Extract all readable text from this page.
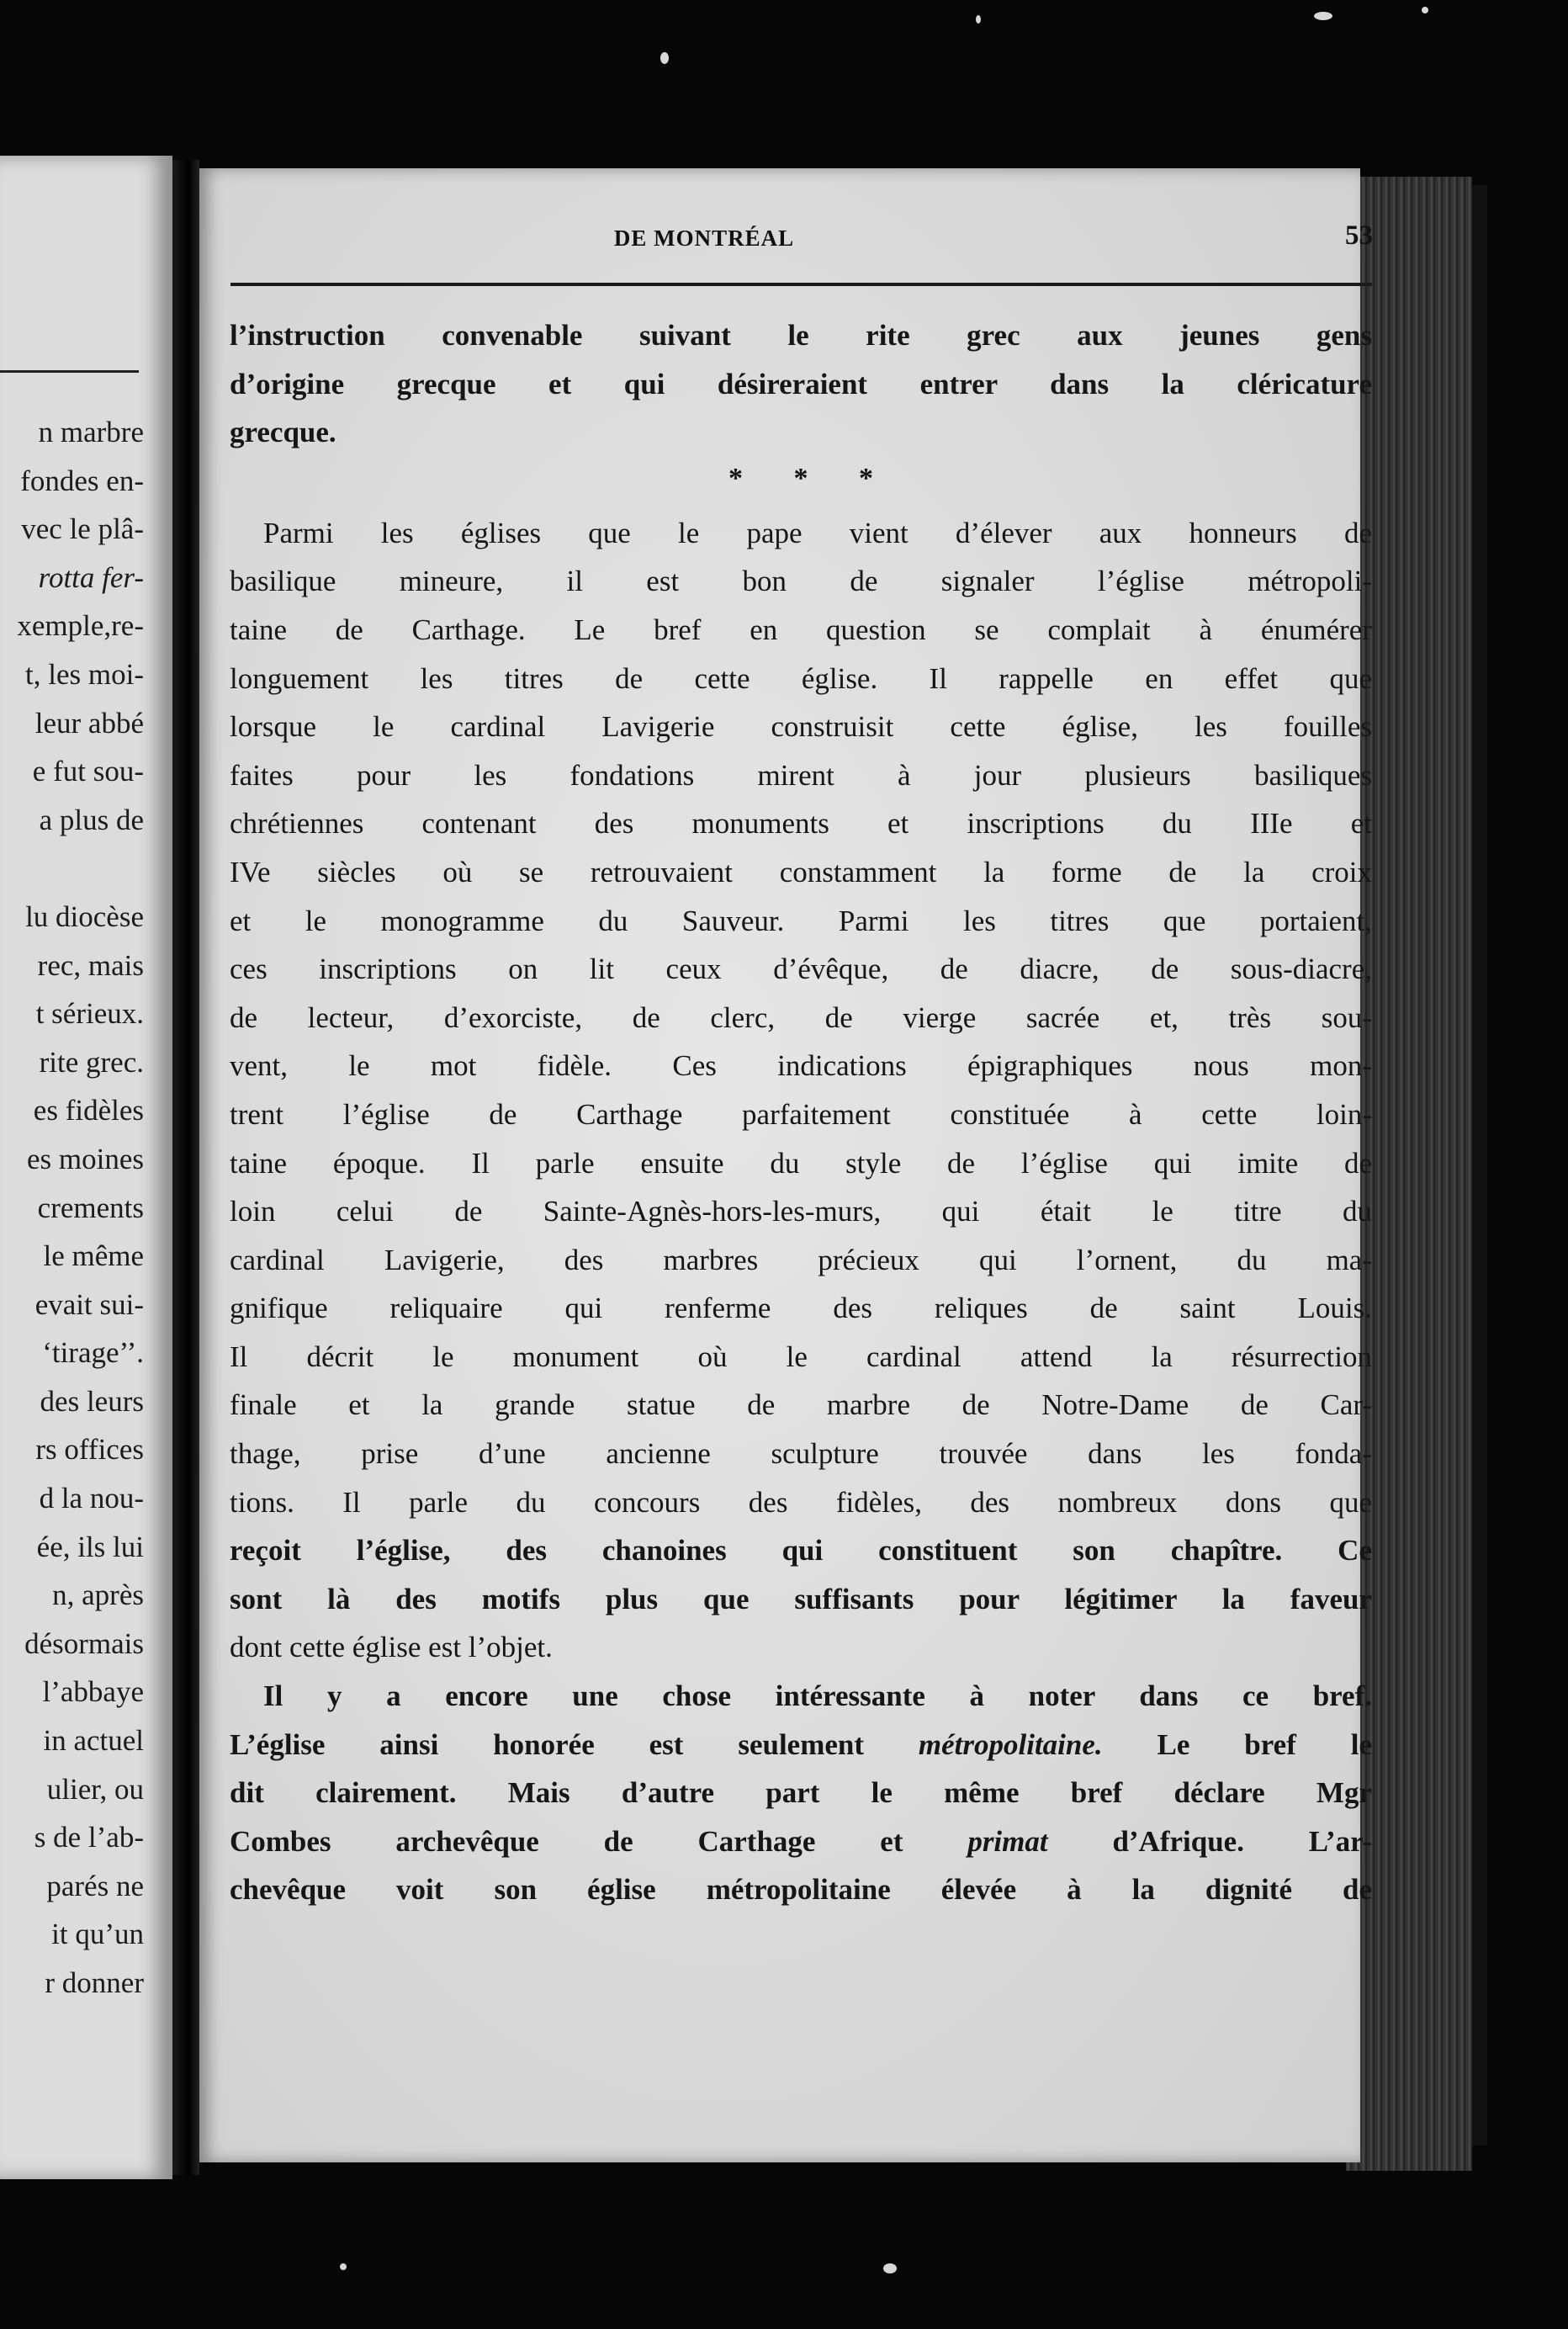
n marbre
fondes en-
vec le plâ-
rotta fer-
xemple,re-
t, les moi-
leur abbé
e fut sou-
a plus de

lu diocèse
rec, mais
t sérieux.
rite grec.
es fidèles
es moines
crements
le même
evait sui-
‘tirage’’.
des leurs
rs offices
d la nou-
ée, ils lui
n, après
désormais
l’abbaye
in actuel
ulier, ou
s de l’ab-
parés ne
it qu’un
r donner
DE MONTRÉAL	53
l’instruction convenable suivant le rite grec aux jeunes gens
d’origine grecque et qui désireraient entrer dans la cléricature
grecque.
* * *
Parmi les églises que le pape vient d’élever aux honneurs de
basilique mineure, il est bon de signaler l’église métropoli-
taine de Carthage. Le bref en question se complait à énumérer
longuement les titres de cette église. Il rappelle en effet que
lorsque le cardinal Lavigerie construisit cette église, les fouilles
faites pour les fondations mirent à jour plusieurs basiliques
chrétiennes contenant des monuments et inscriptions du IIIe et
IVe siècles où se retrouvaient constamment la forme de la croix
et le monogramme du Sauveur. Parmi les titres que portaient,
ces inscriptions on lit ceux d’évêque, de diacre, de sous-diacre,
de lecteur, d’exorciste, de clerc, de vierge sacrée et, très sou-
vent, le mot fidèle. Ces indications épigraphiques nous mon-
trent l’église de Carthage parfaitement constituée à cette loin-
taine époque. Il parle ensuite du style de l’église qui imite de
loin celui de Sainte-Agnès-hors-les-murs, qui était le titre du
cardinal Lavigerie, des marbres précieux qui l’ornent, du ma-
gnifique reliquaire qui renferme des reliques de saint Louis.
Il décrit le monument où le cardinal attend la résurrection
finale et la grande statue de marbre de Notre-Dame de Car-
thage, prise d’une ancienne sculpture trouvée dans les fonda-
tions. Il parle du concours des fidèles, des nombreux dons que
reçoit l’église, des chanoines qui constituent son chapître. Ce
sont là des motifs plus que suffisants pour légitimer la faveur
dont cette église est l’objet.
Il y a encore une chose intéressante à noter dans ce bref.
L’église ainsi honorée est seulement métropolitaine. Le bref le
dit clairement. Mais d’autre part le même bref déclare Mgr
Combes archevêque de Carthage et primat d’Afrique. L’ar-
chevêque voit son église métropolitaine élevée à la dignité de
